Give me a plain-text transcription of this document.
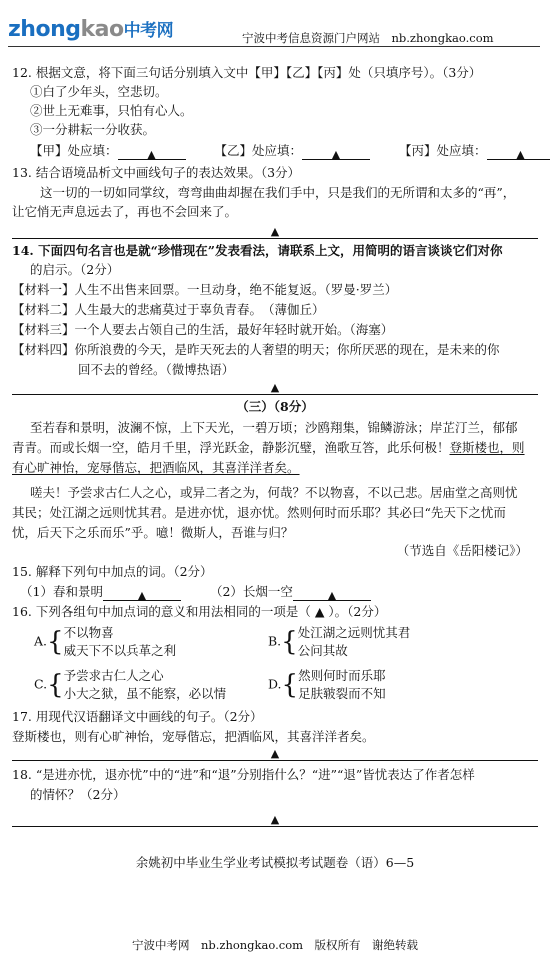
zhongkao中考网	宁波中考信息资源门户网站　nb.zhongkao.com
12. 根据文意，将下面三句话分别填入文中【甲】【乙】【丙】处（只填序号）。（3分）
①白了少年头，空悲切。
②世上无难事，只怕有心人。
③一分耕耘一分收获。
【甲】处应填：	▲　　	【乙】处应填：	▲　　	【丙】处应填：	▲
13. 结合语境品析文中画线句子的表达效果。（3分）
这一切的一切如同掌纹，弯弯曲曲却握在我们手中，只是我们的无所谓和太多的“再”，
让它悄无声息远去了，再也不会回来了。
▲
14. 下面四句名言也是就“珍惜现在”发表看法，请联系上文，用简明的语言谈谈它们对你
的启示。（2分）
【材料一】人生不出售来回票。一旦动身，绝不能复返。（罗曼·罗兰）
【材料二】人生最大的悲痛莫过于辜负青春。　（薄伽丘）
【材料三】一个人要去占领自己的生活，最好年轻时就开始。（海塞）
【材料四】你所浪费的今天，是昨天死去的人奢望的明天；你所厌恶的现在，是未来的你
回不去的曾经。（微博热语）
▲
（三）（8分）
至若春和景明，波澜不惊，上下天光，一碧万顷；沙鸥翔集，锦鳞游泳；岸芷汀兰，郁郁
青青。而或长烟一空，皓月千里，浮光跃金，静影沉璧，渔歌互答，此乐何极！登斯楼也，则
有心旷神怡，宠辱偕忘，把酒临风，其喜洋洋者矣。
嗟夫！予尝求古仁人之心，或异二者之为，何哉？不以物喜，不以己悲。居庙堂之高则忧
其民；处江湖之远则忧其君。是进亦忧，退亦忧。然则何时而乐耶？其必曰“先天下之忧而
忧，后天下之乐而乐”乎。噫！微斯人，吾谁与归？
（节选自《岳阳楼记》）
15. 解释下列句中加点的词。（2分）
（1）春和景明	▲　　	（2）长烟一空	▲
16. 下列各组句中加点词的意义和用法相同的一项是（ ▲ ）。（2分）
A.{ 不以物喜
威天下不以兵革之利
B.{ 处江湖之远则忧其君
公问其故
C.{ 予尝求古仁人之心
小大之狱，虽不能察，必以情
D.{ 然则何时而乐耶
足肤皲裂而不知
17. 用现代汉语翻译文中画线的句子。（2分）
登斯楼也，则有心旷神怡，宠辱偕忘，把酒临风，其喜洋洋者矣。
▲
18. “是进亦忧，退亦忧”中的“进”和“退”分别指什么？“进”“退”皆忧表达了作者怎样
的情怀？（2分）
▲
余姚初中毕业生学业考试模拟考试题卷（语）6—5
宁波中考网　nb.zhongkao.com　版权所有　谢绝转载
